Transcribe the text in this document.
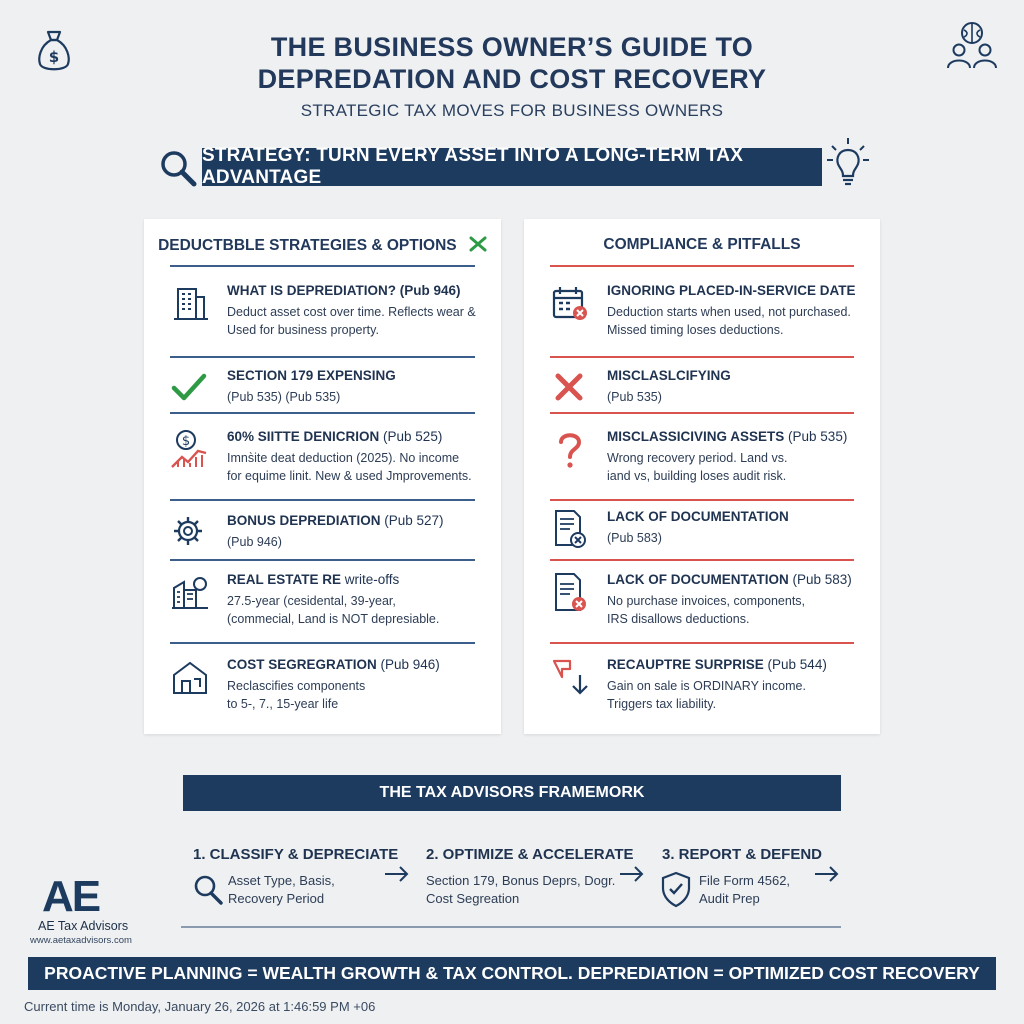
$	THE BUSINESS OWNER’S GUIDE TO
DEPREDATION AND COST RECOVERY
STRATEGIC TAX MOVES FOR BUSINESS OWNERS
STRATEGY: TURN EVERY ASSET INTO A LONG-TERM TAX ADVANTAGE
DEDUCTBBLE STRATEGIES & OPTIONS
WHAT IS DEPREDIATION? (Pub 946)
Deduct asset cost over time. Reflects wear &
Used for business property.
SECTION 179 EXPENSING
(Pub 535) (Pub 535)
$	60% SIITTE DENICRION (Pub 525)
Imns̀ite deat deduction (2025). No income
for equime linit. New & used Jmprovements.
BONUS DEPREDIATION (Pub 527)
(Pub 946)
REAL ESTATE RE write-offs
27.5-year (cesidental, 39-year,
(commecial, Land is NOT depresiable.
COST SEGREGRATION (Pub 946)
Reclascifies components
to 5-, 7., 15-year life
COMPLIANCE & PITFALLS
IGNORING PLACED-IN-SERVICE DATE
Deduction starts when used, not purchased.
Missed timing loses deductions.
MISCLASLCIFYING
(Pub 535)
MISCLASSICIVING ASSETS (Pub 535)
Wrong recovery period. Land vs.
iand vs, building loses audit risk.
LACK OF DOCUMENTATION
(Pub 583)
LACK OF DOCUMENTATION (Pub 583)
No purchase invoices, components,
IRS disallows deductions.
RECAUPTRE SURPRISE (Pub 544)
Gain on sale is ORDINARY income.
Triggers tax liability.
THE TAX ADVISORS FRAMEMORK
1. CLASSIFY & DEPRECIATE
Asset Type, Basis,
Recovery Period
2. OPTIMIZE & ACCELERATE
Section 179, Bonus Deprs, Dogr.
Cost Segreation
3. REPORT & DEFEND
File Form 4562,
Audit Prep
AE
AE Tax Advisors
www.aetaxadvisors.com
PROACTIVE PLANNING = WEALTH GROWTH & TAX CONTROL. DEPREDIATION = OPTIMIZED COST RECOVERY
Current time is Monday, January 26, 2026 at 1:46:59 PM +06
